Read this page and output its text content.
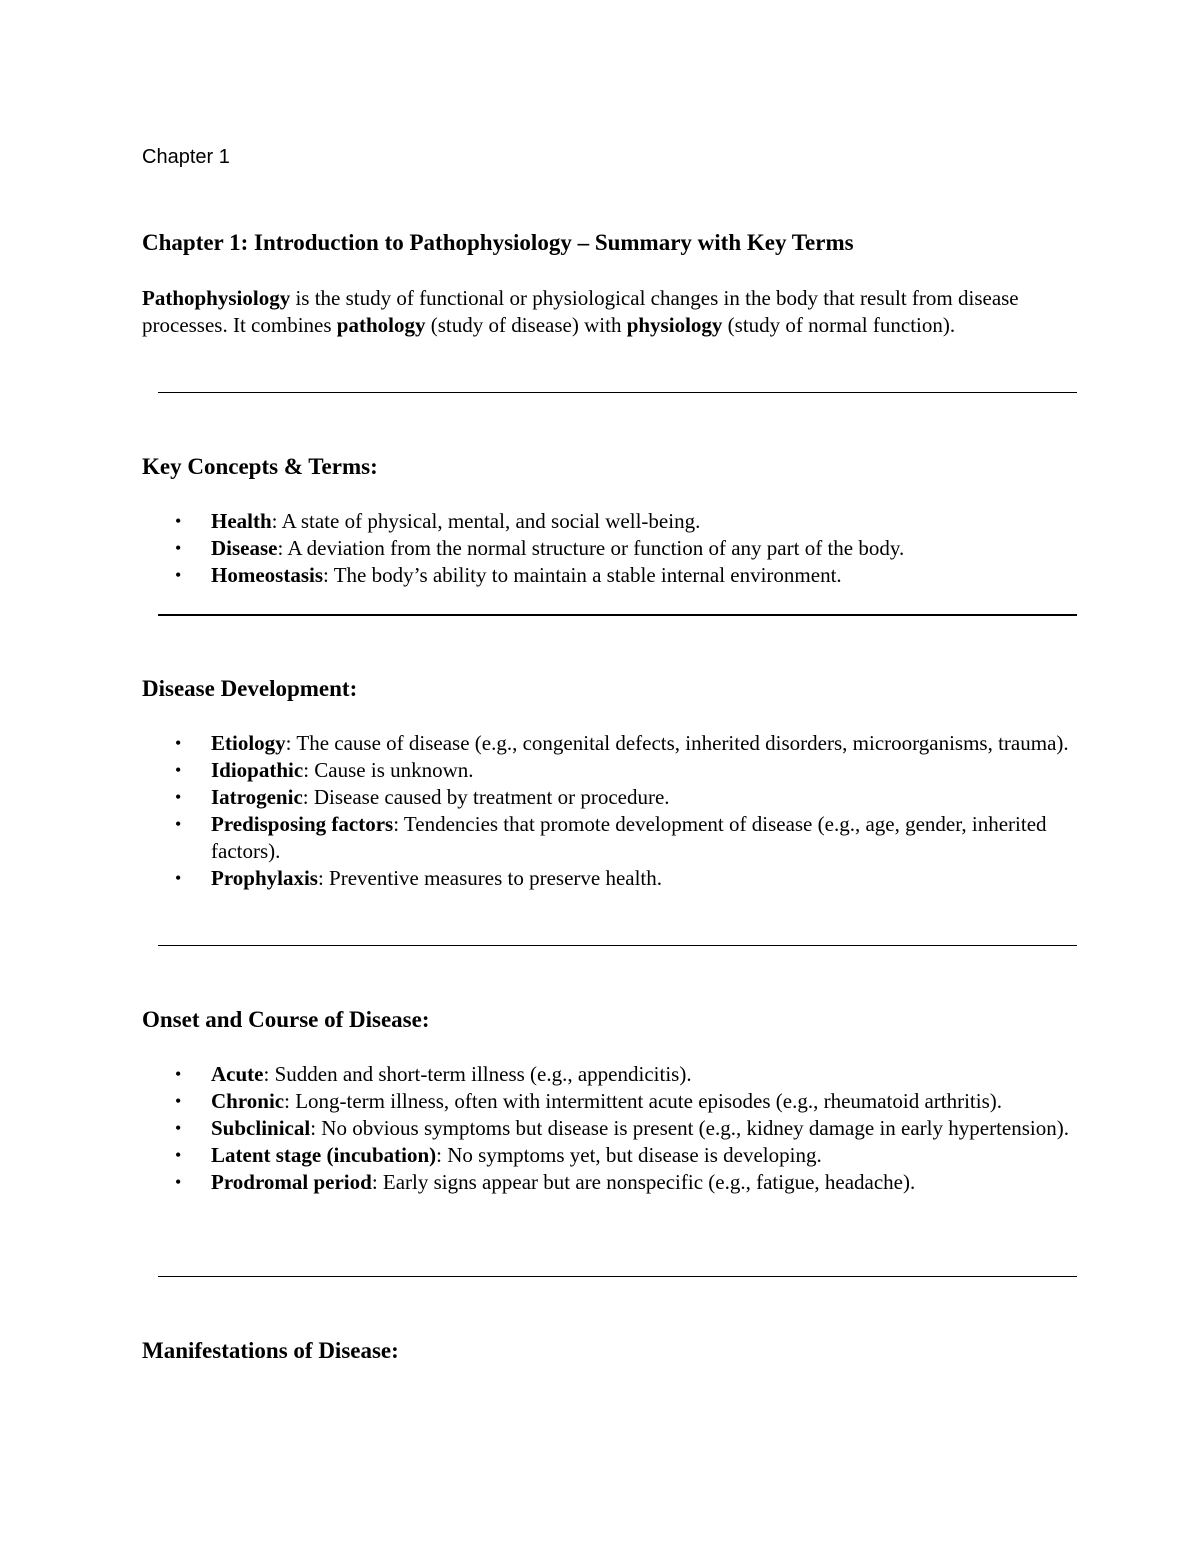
Chapter 1

Chapter 1: Introduction to Pathophysiology – Summary with Key Terms

Pathophysiology is the study of functional or physiological changes in the body that result from disease processes. It combines pathology (study of disease) with physiology (study of normal function).

Key Concepts & Terms:
• Health: A state of physical, mental, and social well-being.
• Disease: A deviation from the normal structure or function of any part of the body.
• Homeostasis: The body’s ability to maintain a stable internal environment.
Disease Development:
• Etiology: The cause of disease (e.g., congenital defects, inherited disorders, microorganisms, trauma).
• Idiopathic: Cause is unknown.
• Iatrogenic: Disease caused by treatment or procedure.
• Predisposing factors: Tendencies that promote development of disease (e.g., age, gender, inherited factors).
• Prophylaxis: Preventive measures to preserve health.
Onset and Course of Disease:
• Acute: Sudden and short-term illness (e.g., appendicitis).
• Chronic: Long-term illness, often with intermittent acute episodes (e.g., rheumatoid arthritis).
• Subclinical: No obvious symptoms but disease is present (e.g., kidney damage in early hypertension).
• Latent stage (incubation): No symptoms yet, but disease is developing.
• Prodromal period: Early signs appear but are nonspecific (e.g., fatigue, headache).
Manifestations of Disease:
